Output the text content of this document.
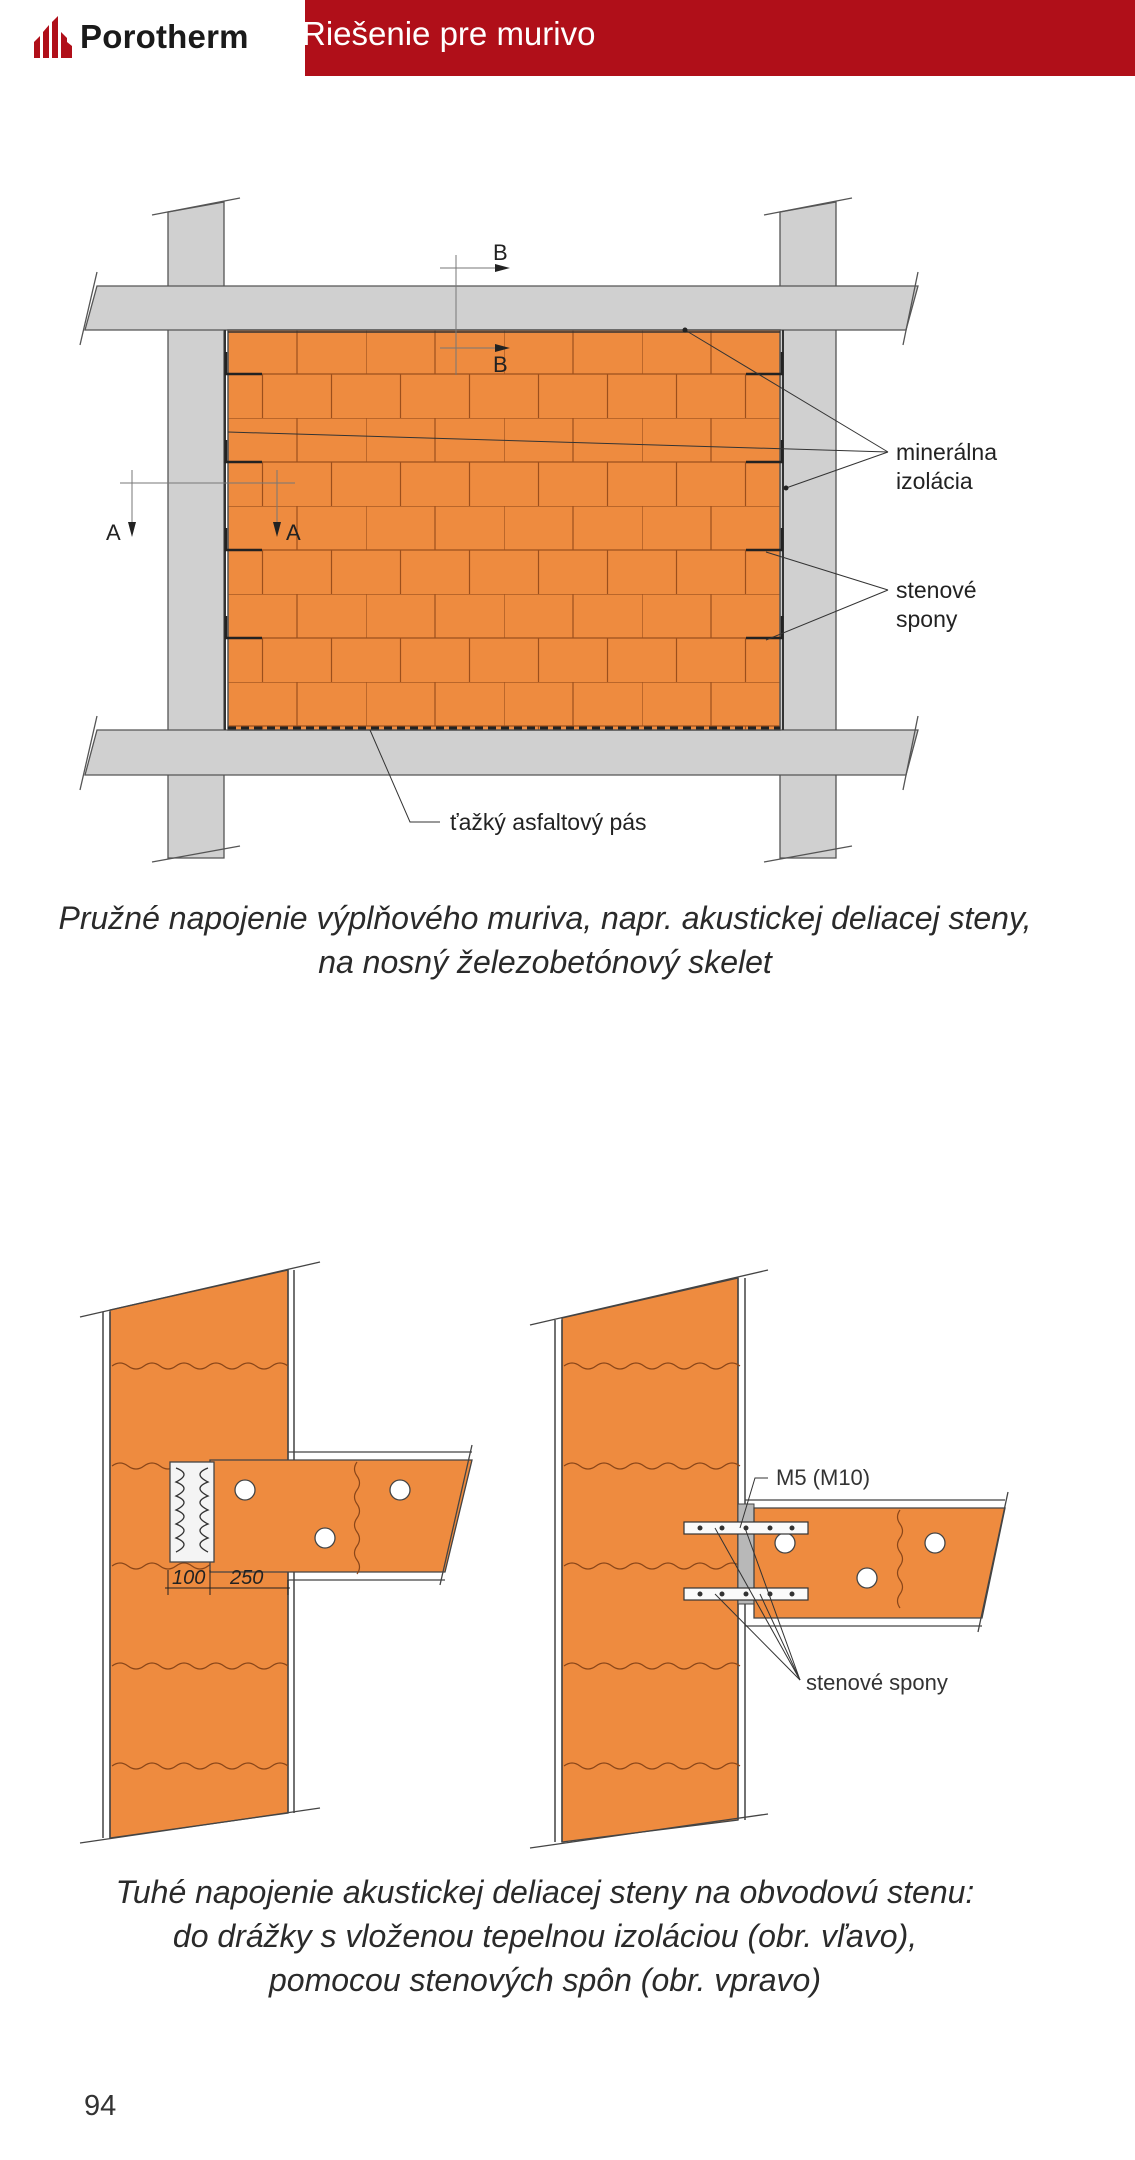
Porotherm Riešenie pre murivo
B
B
A	A
minerálna
izolácia
stenové
spony
ťažký asfaltový pás
Pružné napojenie výplňového muriva, napr. akustickej deliacej steny,
na nosný železobetónový skelet
100 250
M5 (M10)
stenové spony
Tuhé napojenie akustickej deliacej steny na obvodovú stenu:
do drážky s vloženou tepelnou izoláciou (obr. vľavo),
pomocou stenových spôn (obr. vpravo)
94
